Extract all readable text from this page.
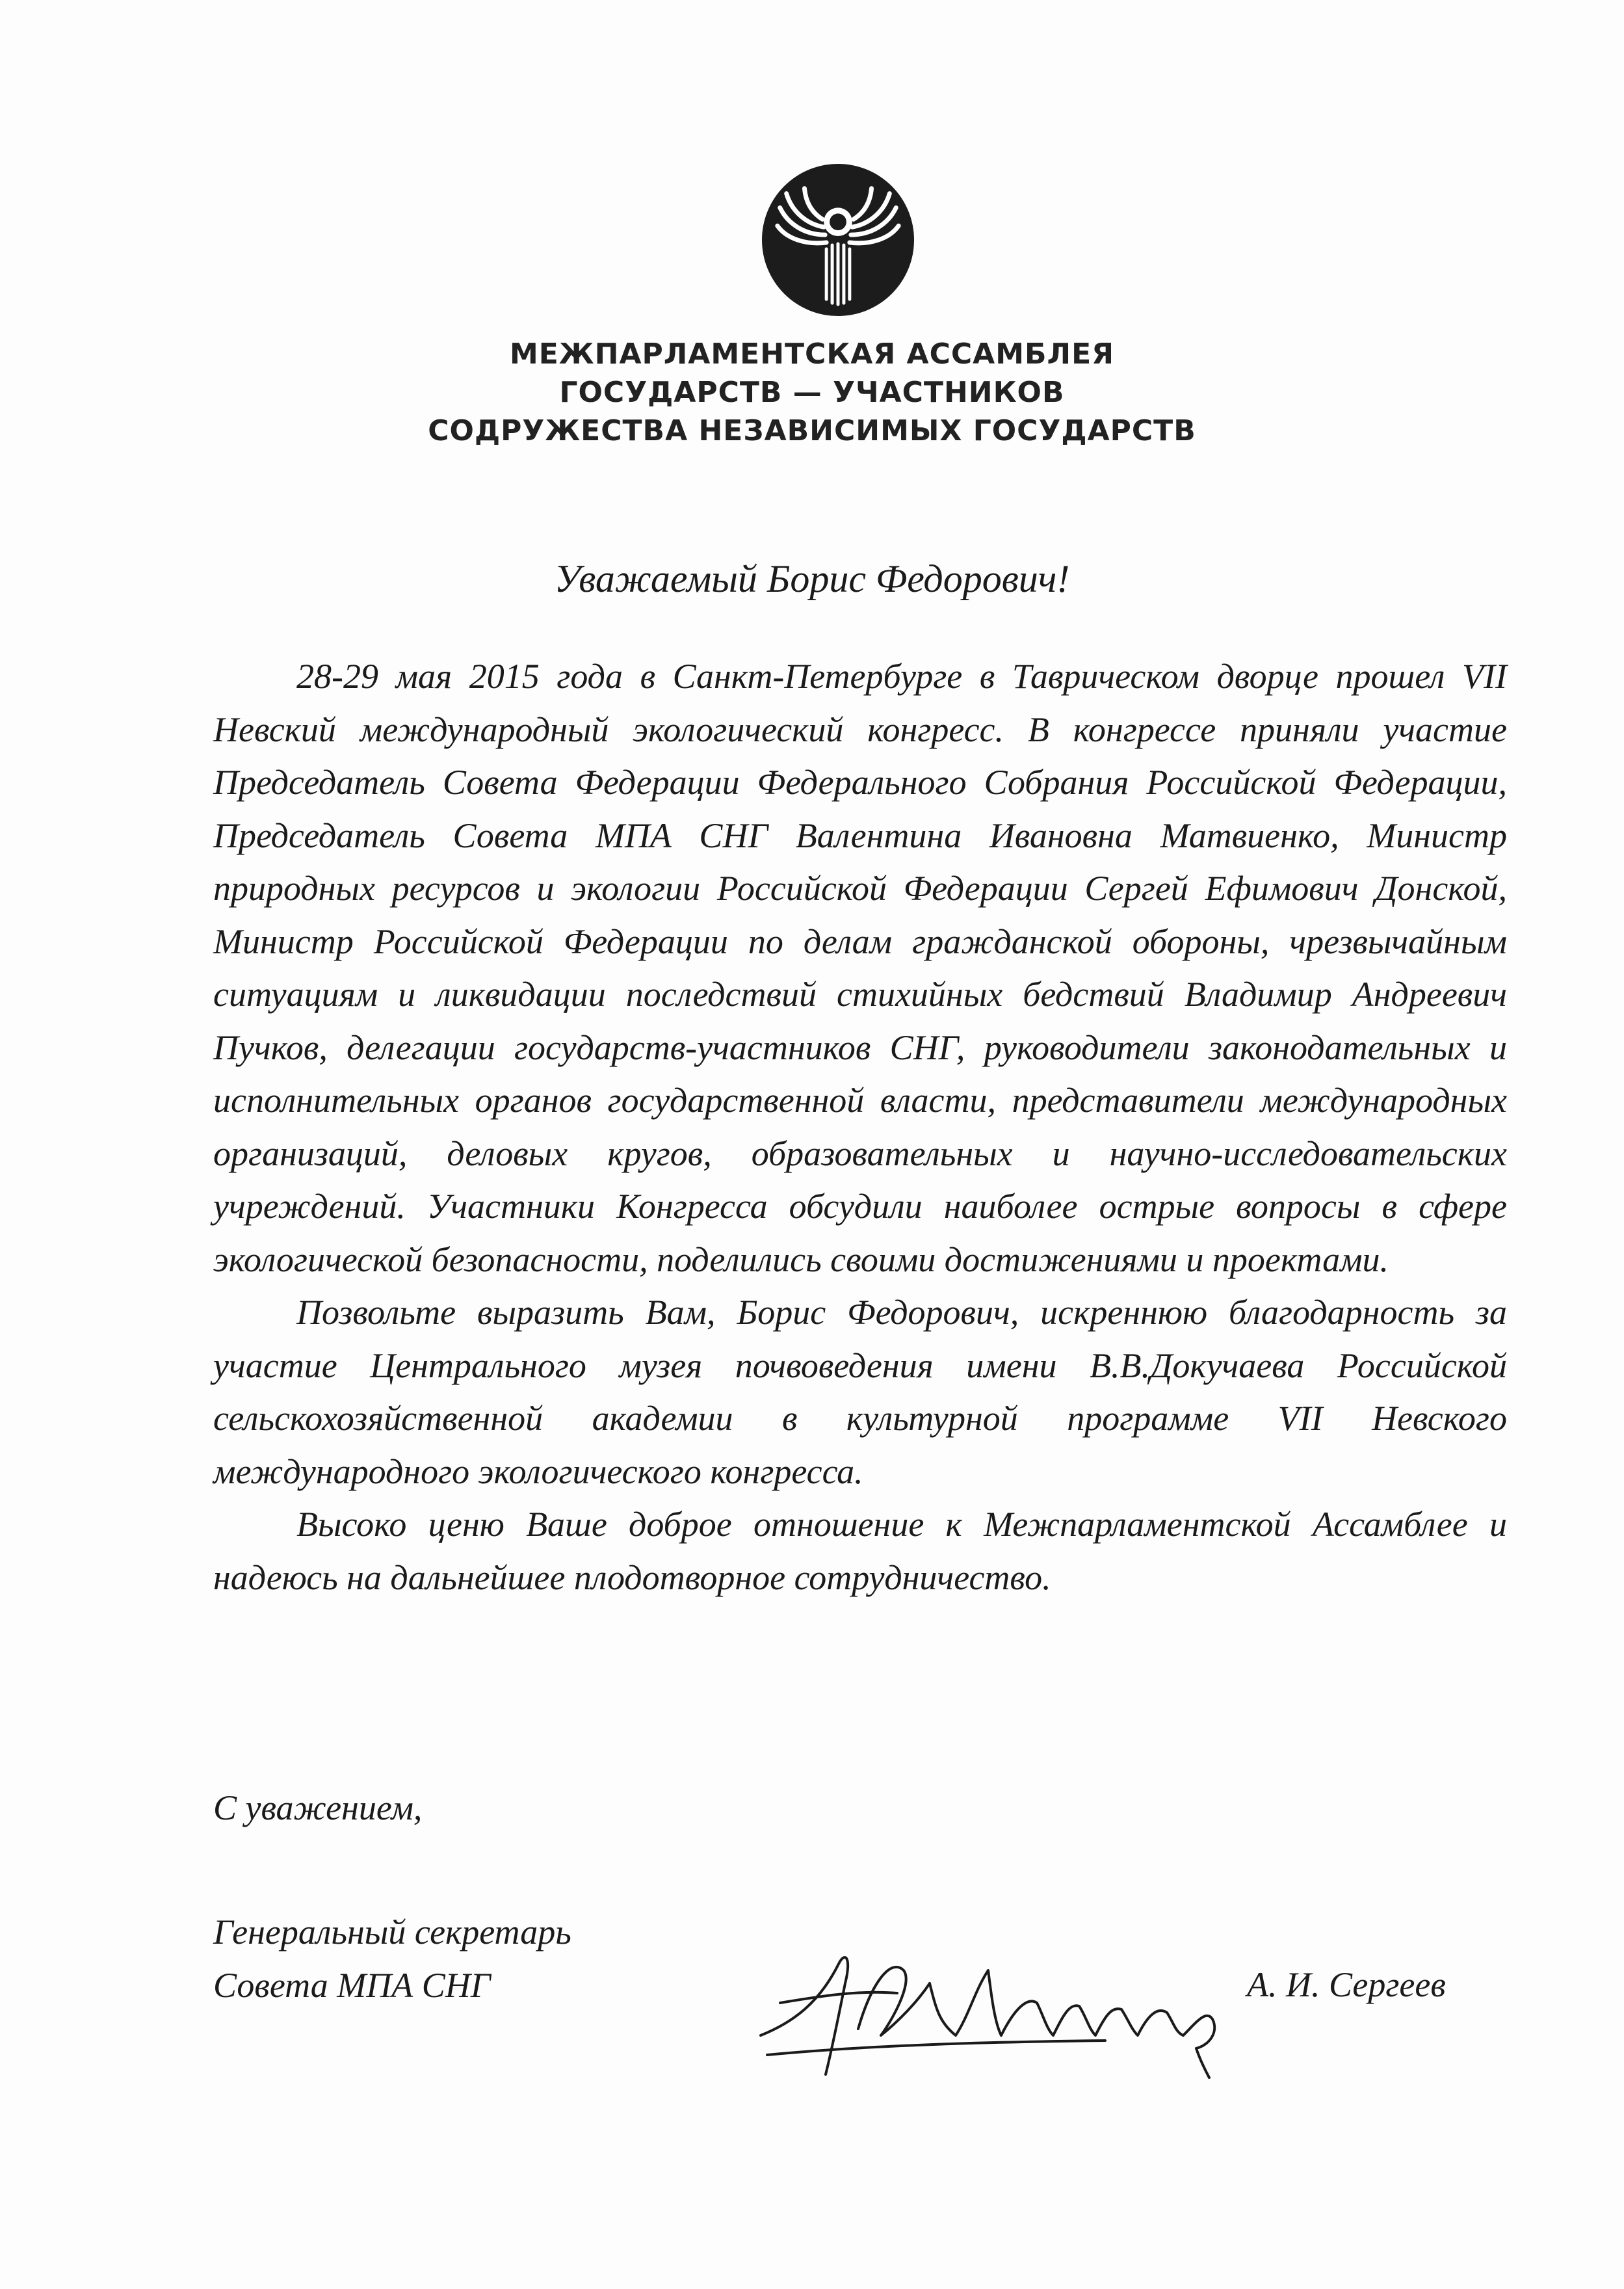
МЕЖПАРЛАМЕНТСКАЯ АССАМБЛЕЯ
ГОСУДАРСТВ — УЧАСТНИКОВ
СОДРУЖЕСТВА НЕЗАВИСИМЫХ ГОСУДАРСТВ
Уважаемый Борис Федорович!

28-29 мая 2015 года в Санкт-Петербурге в Таврическом дворце прошел VII Невский международный экологический конгресс. В конгрессе приняли участие Председатель Совета Федерации Федерального Собрания Российской Федерации, Председатель Совета МПА СНГ Валентина Ивановна Матвиенко, Министр природных ресурсов и экологии Российской Федерации Сергей Ефимович Донской, Министр Российской Федерации по делам гражданской обороны, чрезвычайным ситуациям и ликвидации последствий стихийных бедствий Владимир Андреевич Пучков, делегации государств-участников СНГ, руководители законодательных и исполнительных органов государственной власти, представители международных организаций, деловых кругов, образовательных и научно-исследовательских учреждений. Участники Конгресса обсудили наиболее острые вопросы в сфере экологической безопасности, поделились своими достижениями и проектами.

Позвольте выразить Вам, Борис Федорович, искреннюю благодарность за участие Центрального музея почвоведения имени В.В.Докучаева Российской сельскохозяйственной академии в культурной программе VII Невского международного экологического конгресса.

Высоко ценю Ваше доброе отношение к Межпарламентской Ассамблее и надеюсь на дальнейшее плодотворное сотрудничество.

С уважением,
Генеральный секретарь
Совета МПА СНГ	А. И. Сергеев
